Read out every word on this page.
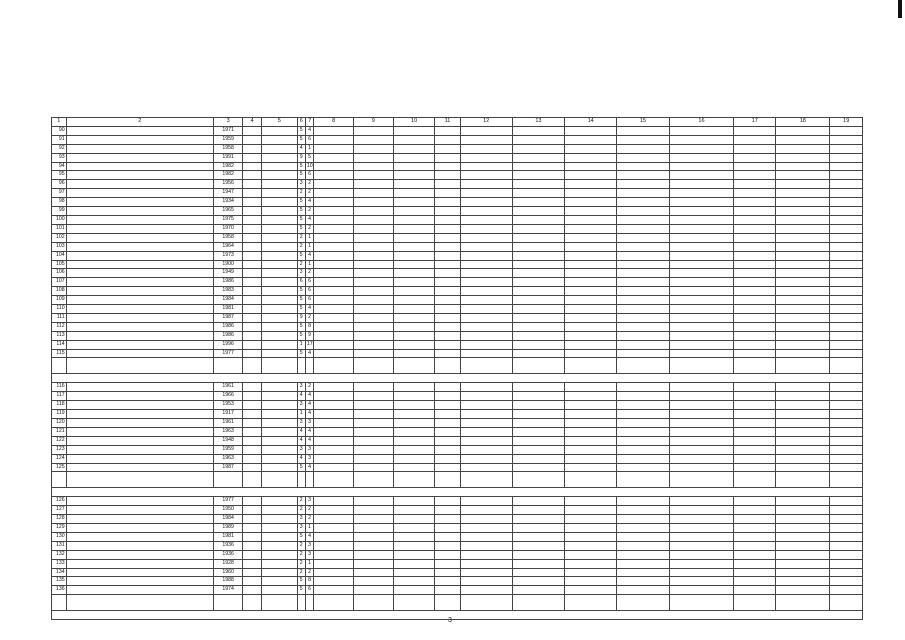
1	2	3	4	5	6	7	8	9	10	11	12	13	14	15	16	17	18	19
90		1971			5	4												
91		1959			5	6												
92		1958			4	1												
93		1991			9	5												
94		1982			5	10												
95		1982			5	6												
96		1956			3	2												
97		1947			2	2												
98		1934			5	4												
99		1965			5	2												
100		1975			5	4												
101		1970			5	2												
102		1958			2	1												
103		1964			2	1												
104		1973			5	4												
105		1900			2	1												
106		1949			3	2												
107		1986			6	6												
108		1983			5	6												
109		1984			5	6												
110		1981			5	4												
111		1987			9	2												
112		1986			5	8												
113		1986			5	9												
114		1996			1	17												
115		1977			5	4												

116		1961			3	2												
117		1966			4	4												
118		1953			3	4												
119		1917			1	4												
120		1961			3	3												
121		1963			4	4												
122		1948			4	4												
123		1959			3	3												
124		1963			4	3												
125		1987			5	4												

126		1977			2	3												
127		1950			2	2												
128		1984			3	2												
129		1989			3	1												
130		1981			5	4												
131		1936			2	3												
132		1936			2	3												
133		1928			2	1												
134		1960			2	2												
135		1988			5	8												
136		1974			5	6												

3
